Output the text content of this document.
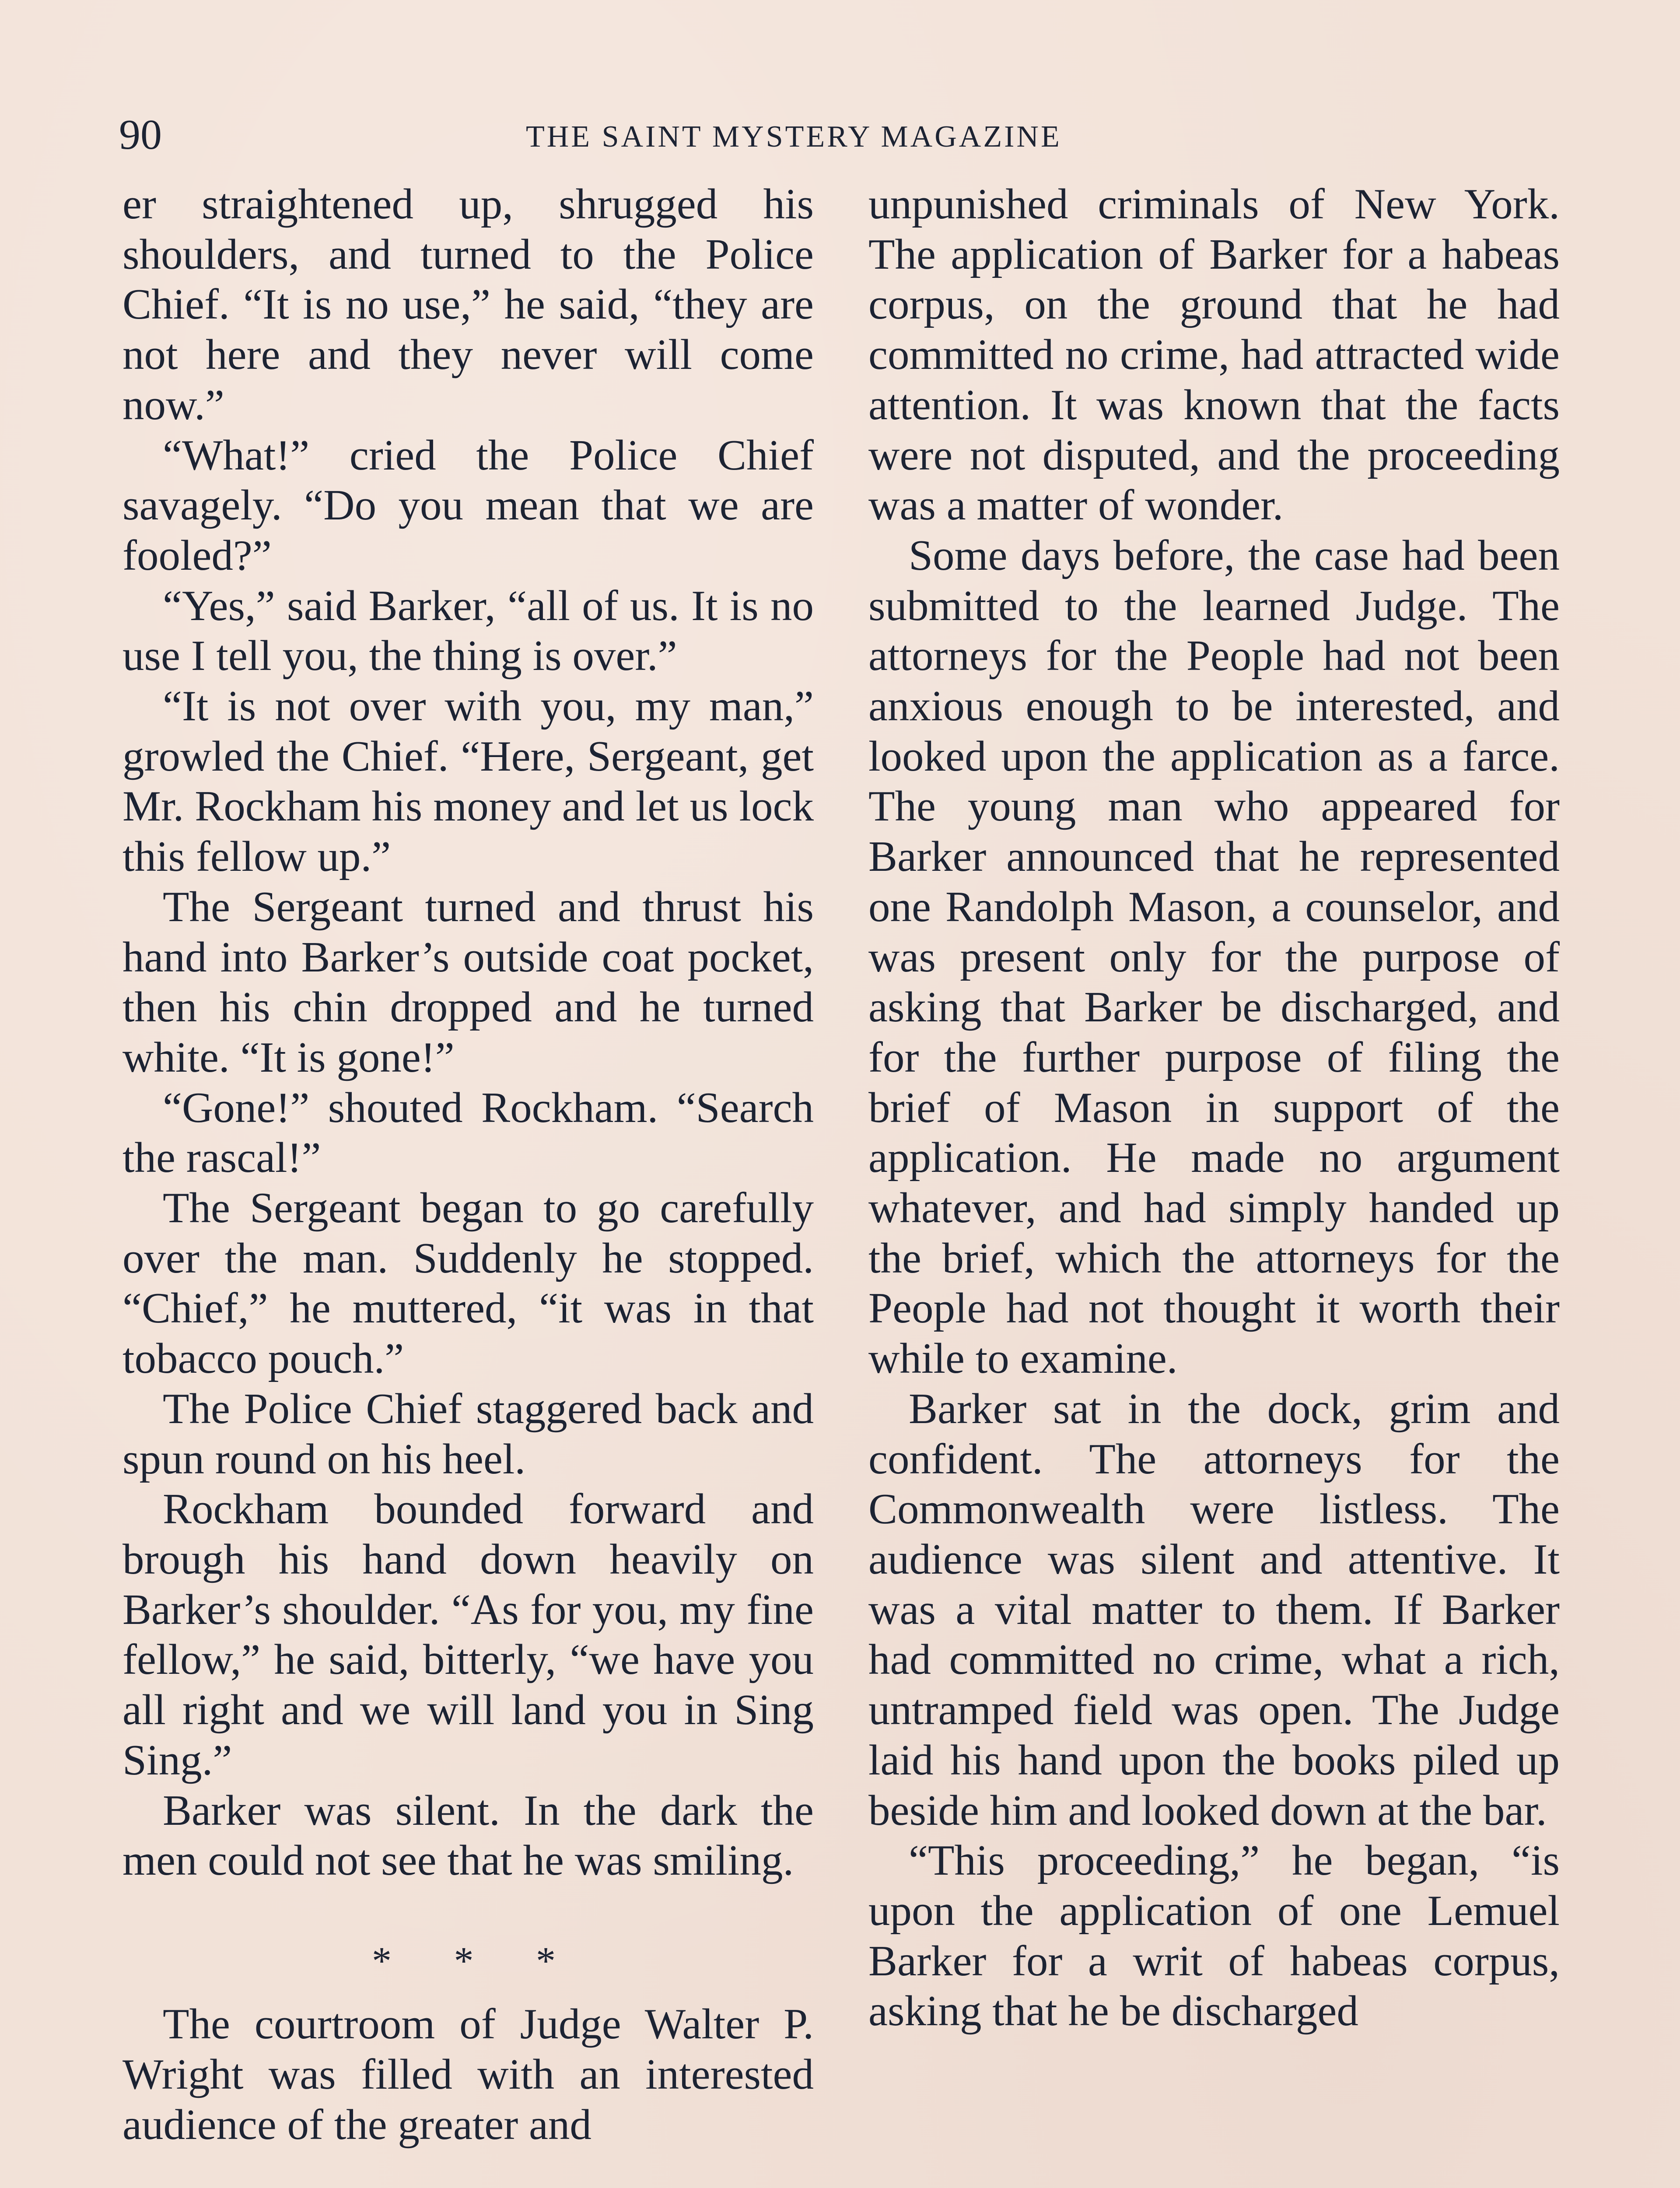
90	THE SAINT MYSTERY MAGAZINE

er straightened up, shrugged his shoulders, and turned to the Police Chief. “It is no use,” he said, “they are not here and they never will come now.”

“What!” cried the Police Chief savagely. “Do you mean that we are fooled?”

“Yes,” said Barker, “all of us. It is no use I tell you, the thing is over.”

“It is not over with you, my man,” growled the Chief. “Here, Sergeant, get Mr. Rockham his money and let us lock this fellow up.”

The Sergeant turned and thrust his hand into Barker’s outside coat pocket, then his chin dropped and he turned white. “It is gone!”

“Gone!” shouted Rockham. “Search the rascal!”

The Sergeant began to go carefully over the man. Suddenly he stopped. “Chief,” he muttered, “it was in that tobacco pouch.”

The Police Chief staggered back and spun round on his heel.

Rockham bounded forward and brough his hand down heavily on Barker’s shoulder. “As for you, my fine fellow,” he said, bitterly, “we have you all right and we will land you in Sing Sing.”

Barker was silent. In the dark the men could not see that he was smiling.

* * *

The courtroom of Judge Walter P. Wright was filled with an interested audience of the greater and

unpunished criminals of New York. The application of Barker for a habeas corpus, on the ground that he had committed no crime, had attracted wide attention. It was known that the facts were not disputed, and the proceeding was a matter of wonder.

Some days before, the case had been submitted to the learned Judge. The attorneys for the People had not been anxious enough to be interested, and looked upon the application as a farce. The young man who appeared for Barker announced that he represented one Randolph Mason, a counselor, and was present only for the purpose of asking that Barker be discharged, and for the further purpose of filing the brief of Mason in support of the application. He made no argument whatever, and had simply handed up the brief, which the attorneys for the People had not thought it worth their while to examine.

Barker sat in the dock, grim and confident. The attorneys for the Commonwealth were listless. The audience was silent and attentive. It was a vital matter to them. If Barker had committed no crime, what a rich, untramped field was open. The Judge laid his hand upon the books piled up beside him and looked down at the bar.

“This proceeding,” he began, “is upon the application of one Lemuel Barker for a writ of habeas corpus, asking that he be discharged
